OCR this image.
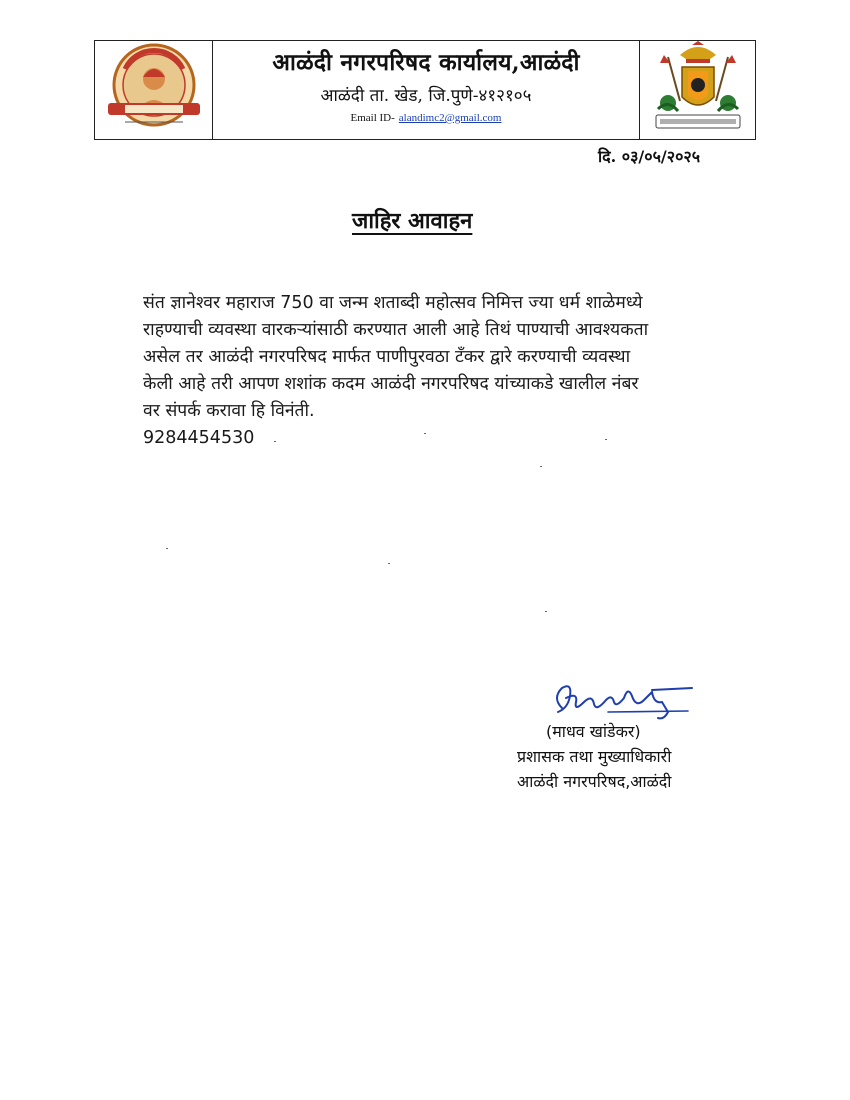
आळंदी नगरपरिषद कार्यालय,आळंदी
आळंदी ता. खेड, जि.पुणे-४१२१०५
Email ID- alandimc2@gmail.com
दि. ०३/०५/२०२५
जाहिर आवाहन
संत ज्ञानेश्वर महाराज 750 वा जन्म शताब्दी महोत्सव निमित्त ज्या धर्म शाळेमध्ये
राहण्याची व्यवस्था वारकऱ्यांसाठी करण्यात आली आहे तिथं पाण्याची आवश्यकता
असेल तर आळंदी नगरपरिषद मार्फत पाणीपुरवठा टँकर द्वारे करण्याची व्यवस्था
केली आहे तरी आपण शशांक कदम आळंदी नगरपरिषद यांच्याकडे खालील नंबर
वर संपर्क करावा हि विनंती.
9284454530
(माधव खांडेकर)
प्रशासक तथा मुख्याधिकारी
आळंदी नगरपरिषद,आळंदी
